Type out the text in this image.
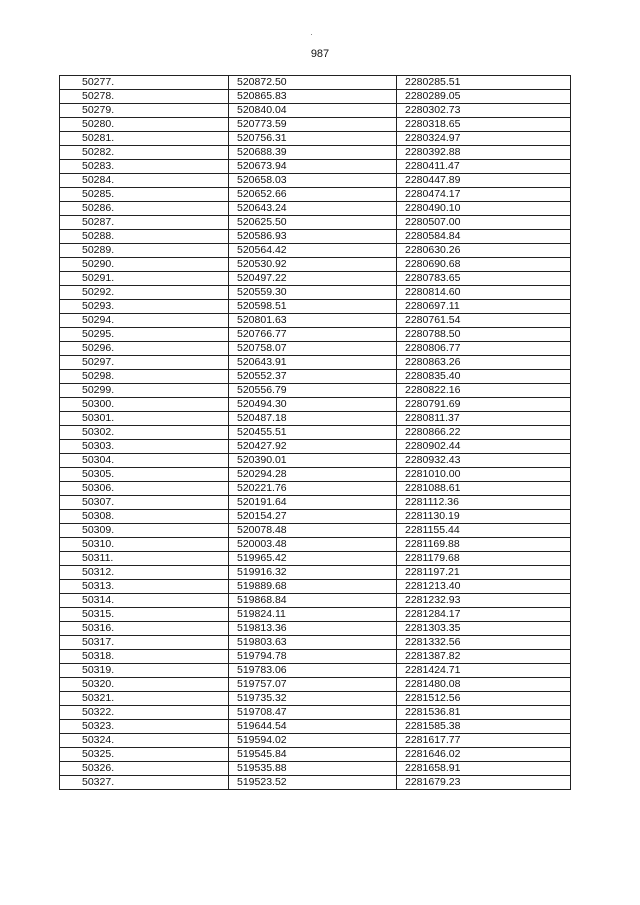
987
50277.	520872.50	2280285.51
50278.	520865.83	2280289.05
50279.	520840.04	2280302.73
50280.	520773.59	2280318.65
50281.	520756.31	2280324.97
50282.	520688.39	2280392.88
50283.	520673.94	2280411.47
50284.	520658.03	2280447.89
50285.	520652.66	2280474.17
50286.	520643.24	2280490.10
50287.	520625.50	2280507.00
50288.	520586.93	2280584.84
50289.	520564.42	2280630.26
50290.	520530.92	2280690.68
50291.	520497.22	2280783.65
50292.	520559.30	2280814.60
50293.	520598.51	2280697.11
50294.	520801.63	2280761.54
50295.	520766.77	2280788.50
50296.	520758.07	2280806.77
50297.	520643.91	2280863.26
50298.	520552.37	2280835.40
50299.	520556.79	2280822.16
50300.	520494.30	2280791.69
50301.	520487.18	2280811.37
50302.	520455.51	2280866.22
50303.	520427.92	2280902.44
50304.	520390.01	2280932.43
50305.	520294.28	2281010.00
50306.	520221.76	2281088.61
50307.	520191.64	2281112.36
50308.	520154.27	2281130.19
50309.	520078.48	2281155.44
50310.	520003.48	2281169.88
50311.	519965.42	2281179.68
50312.	519916.32	2281197.21
50313.	519889.68	2281213.40
50314.	519868.84	2281232.93
50315.	519824.11	2281284.17
50316.	519813.36	2281303.35
50317.	519803.63	2281332.56
50318.	519794.78	2281387.82
50319.	519783.06	2281424.71
50320.	519757.07	2281480.08
50321.	519735.32	2281512.56
50322.	519708.47	2281536.81
50323.	519644.54	2281585.38
50324.	519594.02	2281617.77
50325.	519545.84	2281646.02
50326.	519535.88	2281658.91
50327.	519523.52	2281679.23
